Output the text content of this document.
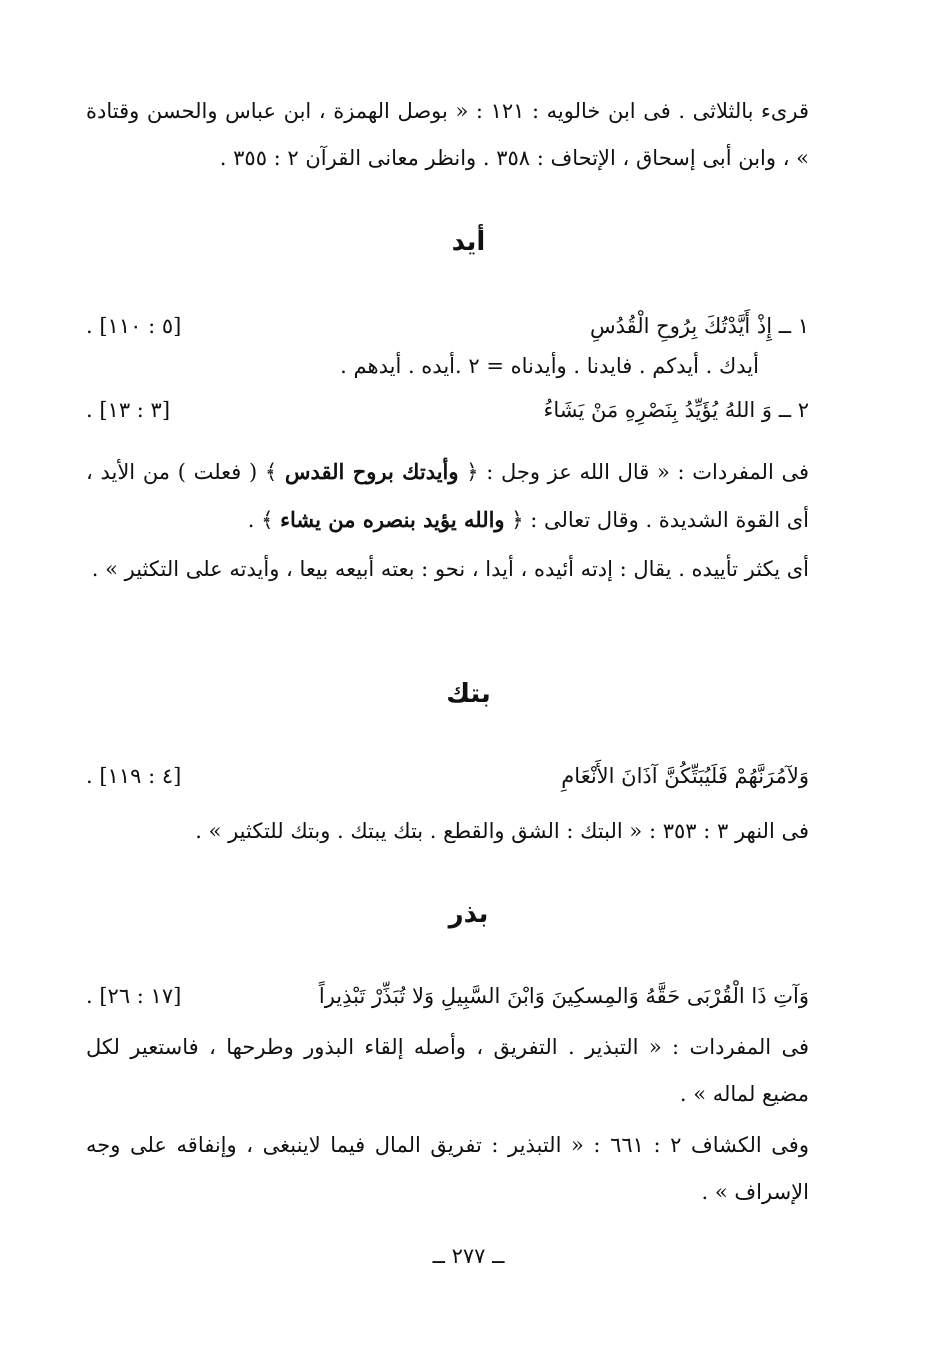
قرىء بالثلاثى . فى ابن خالويه : ١٢١ : « بوصل الهمزة ، ابن عباس والحسن وقتادة » ، وابن أبى إسحاق ، الإتحاف : ٣٥٨ . وانظر معانى القرآن ٢ : ٣٥٥ .
أيد
١ ــ إِذْ أَيَّدْتُكَ بِرُوحِ الْقُدُسِ
[٥ : ١١٠] .
أيدك . أيدكم . فايدنا . وأيدناه = ٢ .أيده . أيدهم .
٢ ــ وَ اللهُ يُؤَيِّدُ بِنَصْرِهِ مَنْ يَشَاءُ
[٣ : ١٣] .
فى المفردات : « قال الله عز وجل : ﴿ وأيدتك بروح القدس ﴾ ( فعلت ) من الأيد ، أى القوة الشديدة . وقال تعالى : ﴿ والله يؤيد بنصره من يشاء ﴾ .
أى يكثر تأييده . يقال : إدته أئيده ، أيدا ، نحو : بعته أبيعه بيعا ، وأيدته على التكثير » .
بتك
وَلآمُرَنَّهُمْ فَلَيُبَتِّكُنَّ آذَانَ الأَنْعَامِ
[٤ : ١١٩] .
فى النهر ٣ : ٣٥٣ : « البتك : الشق والقطع . بتك يبتك . وبتك للتكثير » .
بذر
وَآتِ ذَا الْقُرْبَى حَقَّهُ وَالمِسكِينَ وَابْنَ السَّبِيلِ وَلا تُبَذِّرْ تَبْذِيراً
[١٧ : ٢٦] .
فى المفردات : « التبذير . التفريق ، وأصله إلقاء البذور وطرحها ، فاستعير لكل مضيع لماله » .
وفى الكشاف ٢ : ٦٦١ : « التبذير : تفريق المال فيما لاينبغى ، وإنفاقه على وجه الإسراف » .
ــ ٢٧٧ ــ
